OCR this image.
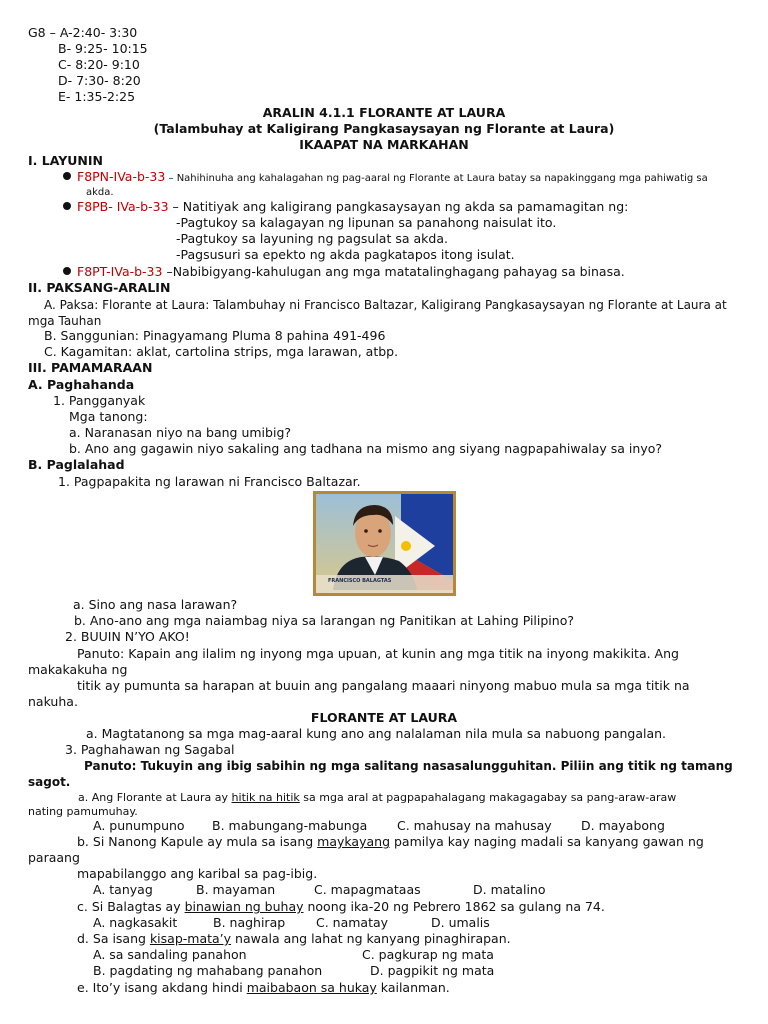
G8 – A-2:40- 3:30
B- 9:25- 10:15
C- 8:20- 9:10
D- 7:30- 8:20
E- 1:35-2:25
ARALIN 4.1.1 FLORANTE AT LAURA
(Talambuhay at Kaligirang Pangkasaysayan ng Florante at Laura)
IKAAPAT NA MARKAHAN
I. LAYUNIN
F8PN-IVa-b-33 – Nahihinuha ang kahalagahan ng pag-aaral ng Florante at Laura batay sa napakinggang mga pahiwatig sa
akda.
F8PB- IVa-b-33 – Natitiyak ang kaligirang pangkasaysayan ng akda sa pamamagitan ng:
-Pagtukoy sa kalagayan ng lipunan sa panahong naisulat ito.
-Pagtukoy sa layuning ng pagsulat sa akda.
-Pagsusuri sa epekto ng akda pagkatapos itong isulat.
F8PT-IVa-b-33 –Nabibigyang-kahulugan ang mga matatalinghagang pahayag sa binasa.
II. PAKSANG-ARALIN
A. Paksa: Florante at Laura: Talambuhay ni Francisco Baltazar, Kaligirang Pangkasaysayan ng Florante at Laura at
mga Tauhan
B. Sanggunian: Pinagyamang Pluma 8 pahina 491-496
C. Kagamitan: aklat, cartolina strips, mga larawan, atbp.
III. PAMAMARAAN
A. Paghahanda
1. Pangganyak
Mga tanong:
a. Naranasan niyo na bang umibig?
b. Ano ang gagawin niyo sakaling ang tadhana na mismo ang siyang nagpapahiwalay sa inyo?
B. Paglalahad
1. Pagpapakita ng larawan ni Francisco Baltazar.
FRANCISCO BALAGTAS
a. Sino ang nasa larawan?
b. Ano-ano ang mga naiambag niya sa larangan ng Panitikan at Lahing Pilipino?
2. BUUIN N’YO AKO!
Panuto: Kapain ang ilalim ng inyong mga upuan, at kunin ang mga titik na inyong makikita. Ang
makakakuha ng
titik ay pumunta sa harapan at buuin ang pangalang maaari ninyong mabuo mula sa mga titik na
nakuha.
FLORANTE AT LAURA
a. Magtatanong sa mga mag-aaral kung ano ang nalalaman nila mula sa nabuong pangalan.
3. Paghahawan ng Sagabal
Panuto: Tukuyin ang ibig sabihin ng mga salitang nasasalungguhitan. Piliin ang titik ng tamang
sagot.
a. Ang Florante at Laura ay hitik na hitik sa mga aral at pagpapahalagang makagagabay sa pang-araw-araw
nating pamumuhay.
A. punumpuno B. mabungang-mabunga C. mahusay na mahusay D. mayabong
b. Si Nanong Kapule ay mula sa isang maykayang pamilya kay naging madali sa kanyang gawan ng
paraang
mapabilanggo ang karibal sa pag-ibig.
A. tanyag	B. mayaman	C. mapagmataas	D. matalino
c. Si Balagtas ay binawian ng buhay noong ika-20 ng Pebrero 1862 sa gulang na 74.
A. nagkasakit	B. naghirap C. namatay	D. umalis
d. Sa isang kisap-mata’y nawala ang lahat ng kanyang pinaghirapan.
A. sa sandaling panahon	C. pagkurap ng mata
B. pagdating ng mahabang panahon	D. pagpikit ng mata
e. Ito’y isang akdang hindi maibabaon sa hukay kailanman.
